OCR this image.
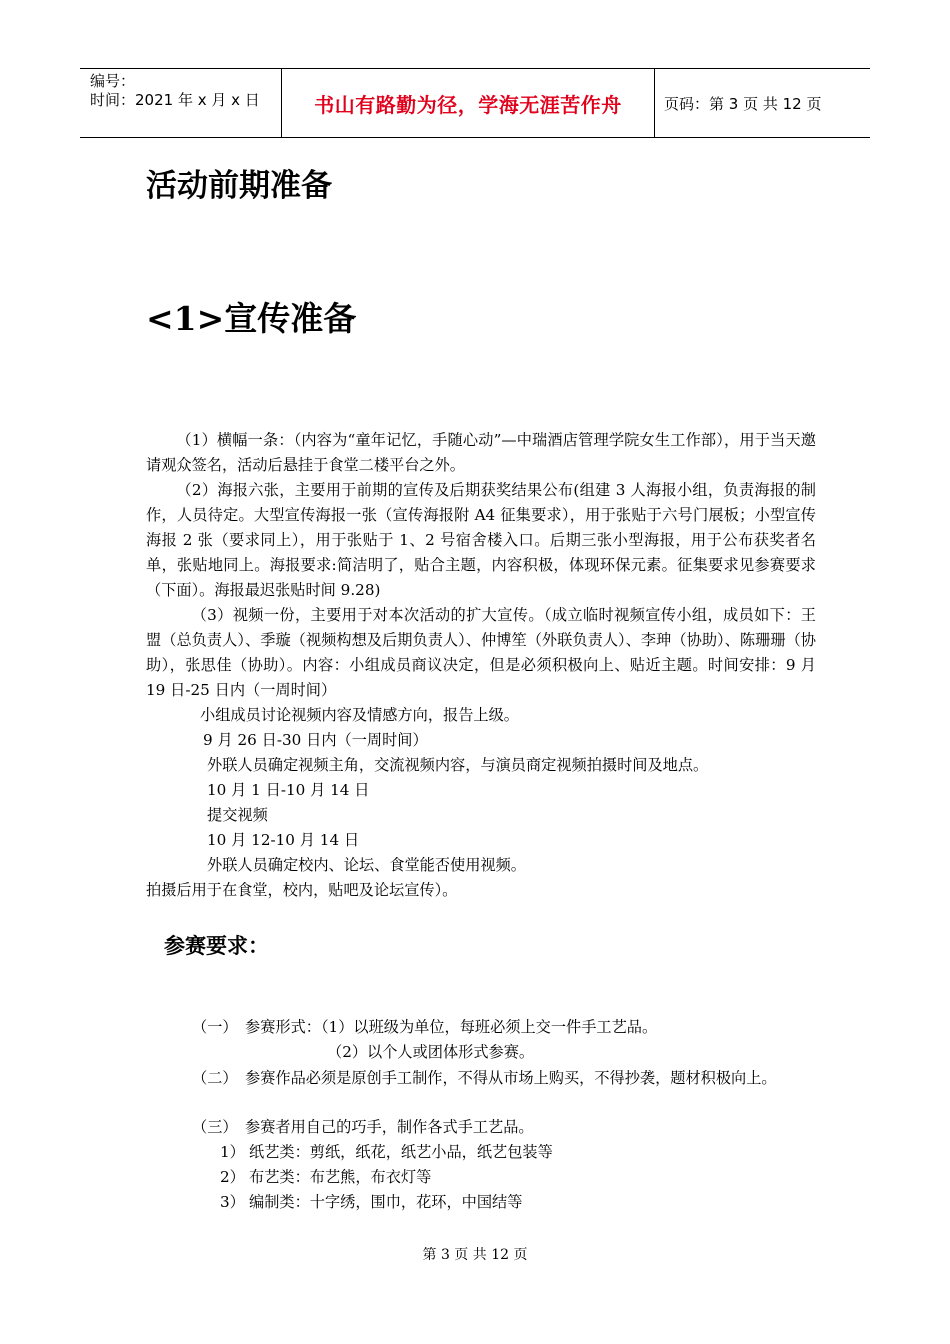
编号：
时间：2021 年 x 月 x 日	书山有路勤为径，学海无涯苦作舟	页码：第 3 页 共 12 页
活动前期准备
<1>宣传准备

（1）横幅一条：（内容为“童年记忆，手随心动”—中瑞酒店管理学院女生工作部），用于当天邀请观众签名，活动后悬挂于食堂二楼平台之外。

（2）海报六张，主要用于前期的宣传及后期获奖结果公布(组建 3 人海报小组，负责海报的制作，人员待定。大型宣传海报一张（宣传海报附 A4 征集要求），用于张贴于六号门展板；小型宣传海报 2 张（要求同上），用于张贴于 1、2 号宿舍楼入口。后期三张小型海报，用于公布获奖者名单，张贴地同上。海报要求:简洁明了，贴合主题，内容积极，体现环保元素。征集要求见参赛要求（下面）。海报最迟张贴时间 9.28)

（3）视频一份，主要用于对本次活动的扩大宣传。（成立临时视频宣传小组，成员如下：王盟（总负责人）、季璇（视频构想及后期负责人）、仲博笙（外联负责人）、李珅（协助）、陈珊珊（协助），张思佳（协助）。内容：小组成员商议决定，但是必须积极向上、贴近主题。时间安排：9 月 19 日-25 日内（一周时间）

小组成员讨论视频内容及情感方向，报告上级。
9 月 26 日-30 日内（一周时间）
外联人员确定视频主角，交流视频内容，与演员商定视频拍摄时间及地点。
10 月 1 日-10 月 14 日
提交视频
10 月 12-10 月 14 日
外联人员确定校内、论坛、食堂能否使用视频。
拍摄后用于在食堂，校内，贴吧及论坛宣传）。
参赛要求：
（一） 参赛形式：（1）以班级为单位，每班必须上交一件手工艺品。
（2）以个人或团体形式参赛。
（二） 参赛作品必须是原创手工制作，不得从市场上购买，不得抄袭，题材积极向上。
（三） 参赛者用自己的巧手，制作各式手工艺品。
1） 纸艺类：剪纸，纸花，纸艺小品，纸艺包装等
2） 布艺类：布艺熊，布衣灯等
3） 编制类：十字绣，围巾，花环，中国结等
第 3 页 共 12 页
